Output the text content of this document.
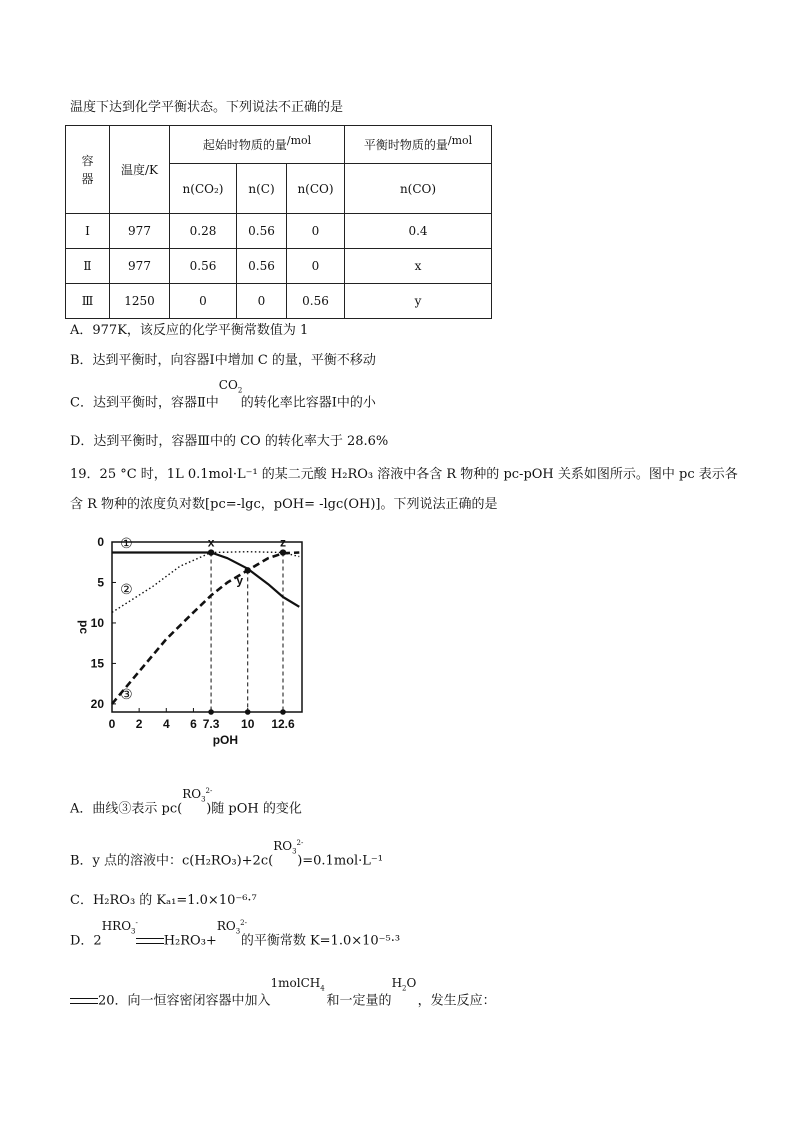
温度下达到化学平衡状态。下列说法不正确的是
容器	温度/K	起始时物质的量/mol			平衡时物质的量/mol
		n(CO₂)	n(C)	n(CO)	n(CO)
Ⅰ	977	0.28	0.56	0	0.4
Ⅱ	977	0.56	0.56	0	x
Ⅲ	1250	0	0	0.56	y
A．977K，该反应的化学平衡常数值为 1
B．达到平衡时，向容器Ⅰ中增加 C 的量，平衡不移动
C．达到平衡时，容器Ⅱ中
$CO_2$
的转化率比容器Ⅰ中的小
D．达到平衡时，容器Ⅲ中的 CO 的转化率大于 28.6%
19．25 °C 时，1L 0.1mol·L⁻¹ 的某二元酸 H₂RO₃ 溶液中各含 R 物种的 pc-pOH 关系如图所示。图中 pc 表示各
含 R 物种的浓度负对数[pc=-lgc，pOH= -lgc(OH)]。下列说法正确的是
pOH
pc
0 2 4 6 7.3 10 12.6
0
5
10
15
20
①
②
③
x
y
z
A．曲线③表示 pc(
$RO_3^{2-}$
)随 pOH 的变化
B．y 点的溶液中：c(H₂RO₃)+2c(
$RO_3^{2-}$
)=0.1mol·L⁻¹
C．H₂RO₃ 的 Kₐ₁=1.0×10⁻⁶·⁷
D．2
$HRO_3^-$
H₂RO₃+
$RO_3^{2-}$
的平衡常数 K=1.0×10⁻⁵·³
20．向一恒容密闭容器中加入
1molCH$_4$
和一定量的
$H_2O$
，发生反应：
